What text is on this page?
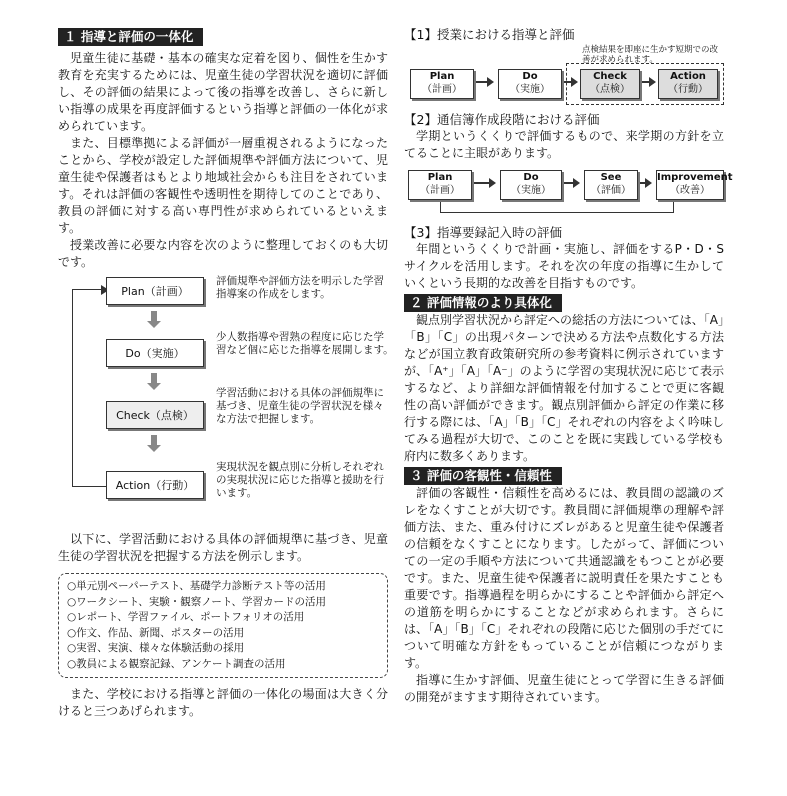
１ 指導と評価の一体化

児童生徒に基礎・基本の確実な定着を図り、個性を生かす教育を充実するためには、児童生徒の学習状況を適切に評価し、その評価の結果によって後の指導を改善し、さらに新しい指導の成果を再度評価するという指導と評価の一体化が求められています。

また、目標準拠による評価が一層重視されるようになったことから、学校が設定した評価規準や評価方法について、児童生徒や保護者はもとより地域社会からも注目をされています。それは評価の客観性や透明性を期待してのことであり、教員の評価に対する高い専門性が求められているといえます。

授業改善に必要な内容を次のように整理しておくのも大切です。

Plan（計画）
評価規準や評価方法を明示した学習指導案の作成をします。
Do（実施）
少人数指導や習熟の程度に応じた学習など個に応じた指導を展開します。
Check（点検）
学習活動における具体の評価規準に基づき、児童生徒の学習状況を様々な方法で把握します。
Action（行動）
実現状況を観点別に分析しそれぞれの実現状況に応じた指導と援助を行います。

以下に、学習活動における具体の評価規準に基づき、児童生徒の学習状況を把握する方法を例示します。

○単元別ペーパーテスト、基礎学力診断テスト等の活用
○ワークシート、実験・観察ノート、学習カードの活用
○レポート、学習ファイル、ポートフォリオの活用
○作文、作品、新聞、ポスターの活用
○実習、実演、様々な体験活動の採用
○教員による観察記録、アンケート調査の活用

また、学校における指導と評価の一体化の場面は大きく分けると三つあげられます。

【1】授業における指導と評価

点検結果を即座に生かす短期での改善が求められます。
Plan
（計画）
Do
（実施）
Check
（点検）
Action
（行動）

【2】通信簿作成段階における評価

学期というくくりで評価するもので、来学期の方針を立てることに主眼があります。

Plan
（計画）
Do
（実施）
See
（評価）
Improvement
（改善）

【3】指導要録記入時の評価

年間というくくりで計画・実施し、評価をするP・D・Sサイクルを活用します。それを次の年度の指導に生かしていくという長期的な改善を目指すものです。

２ 評価情報のより具体化

観点別学習状況から評定への総括の方法については、「A」「B」「C」の出現パターンで決める方法や点数化する方法などが国立教育政策研究所の参考資料に例示されていますが、「A⁺」「A」「A⁻」のように学習の実現状況に応じて表示するなど、より詳細な評価情報を付加することで更に客観性の高い評価ができます。観点別評価から評定の作業に移行する際には、「A」「B」「C」それぞれの内容をよく吟味してみる過程が大切で、このことを既に実践している学校も府内に数多くあります。

３ 評価の客観性・信頼性

評価の客観性・信頼性を高めるには、教員間の認識のズレをなくすことが大切です。教員間に評価規準の理解や評価方法、また、重み付けにズレがあると児童生徒や保護者の信頼をなくすことになります。したがって、評価についての一定の手順や方法について共通認識をもつことが必要です。また、児童生徒や保護者に説明責任を果たすことも重要です。指導過程を明らかにすることや評価から評定への道筋を明らかにすることなどが求められます。さらには、「A」「B」「C」それぞれの段階に応じた個別の手だてについて明確な方針をもっていることが信頼につながります。

指導に生かす評価、児童生徒にとって学習に生きる評価の開発がますます期待されています。
